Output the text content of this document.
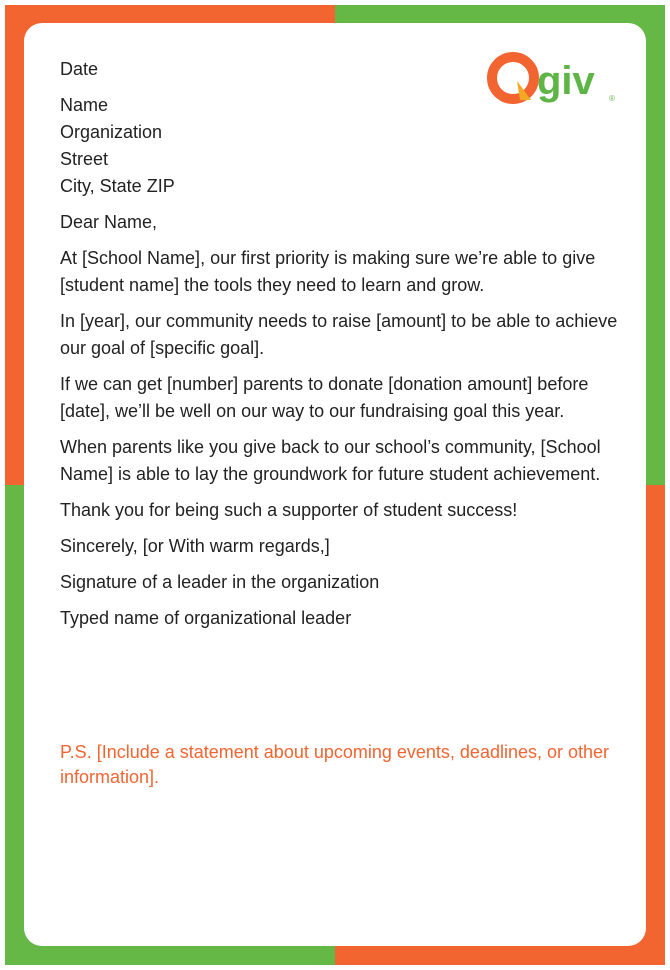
giv ®

Date

Name

Organization

Street

City, State ZIP

Dear Name,

At [School Name], our first priority is making sure we’re able to give [student name] the tools they need to learn and grow.

In [year], our community needs to raise [amount] to be able to achieve our goal of [specific goal].

If we can get [number] parents to donate [donation amount] before [date], we’ll be well on our way to our fundraising goal this year.

When parents like you give back to our school’s community, [School Name] is able to lay the groundwork for future student achievement.

Thank you for being such a supporter of student success!

Sincerely, [or With warm regards,]

Signature of a leader in the organization

Typed name of organizational leader

P.S. [Include a statement about upcoming events, deadlines, or other information].
